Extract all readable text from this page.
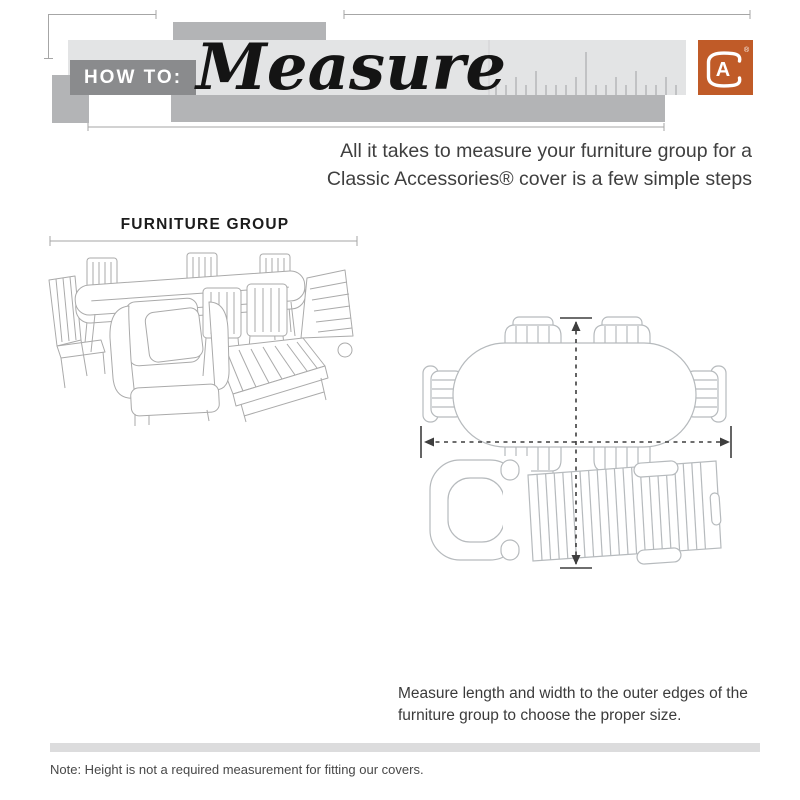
HOW TO: Measure	A
®
All it takes to measure your furniture group for a
Classic Accessories® cover is a few simple steps
FURNITURE GROUP
Measure length and width to the outer edges of the
furniture group to choose the proper size.
Note: Height is not a required measurement for fitting our covers.
